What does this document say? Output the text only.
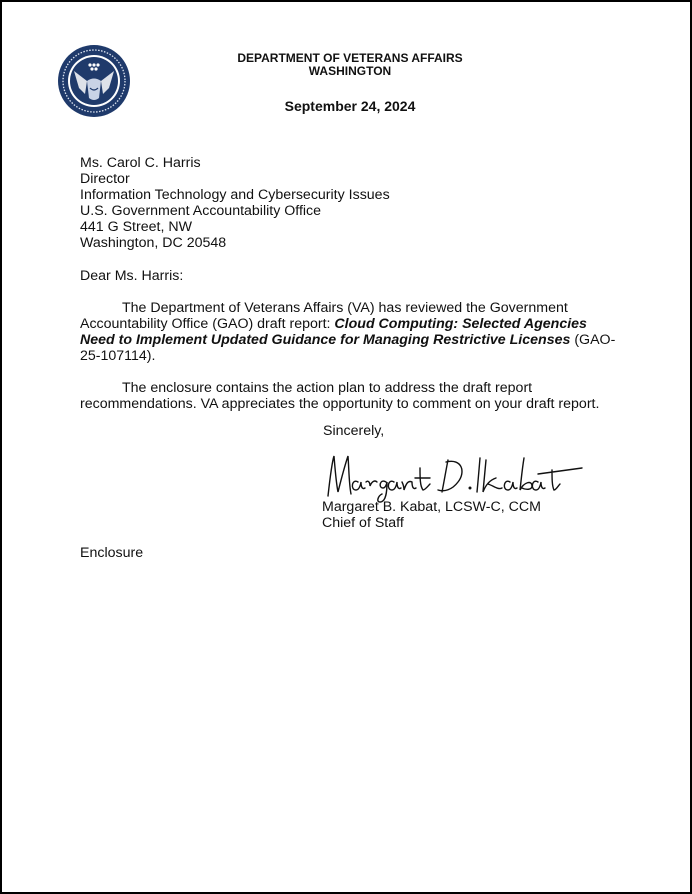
DEPARTMENT OF VETERANS AFFAIRS
WASHINGTON
September 24, 2024
Ms. Carol C. Harris
Director
Information Technology and Cybersecurity Issues
U.S. Government Accountability Office
441 G Street, NW
Washington, DC 20548
Dear Ms. Harris:
The Department of Veterans Affairs (VA) has reviewed the Government Accountability Office (GAO) draft report: Cloud Computing: Selected Agencies Need to Implement Updated Guidance for Managing Restrictive Licenses (GAO-25-107114).
The enclosure contains the action plan to address the draft report recommendations. VA appreciates the opportunity to comment on your draft report.
Sincerely,
Margaret B. Kabat, LCSW-C, CCM
Chief of Staff
Enclosure
